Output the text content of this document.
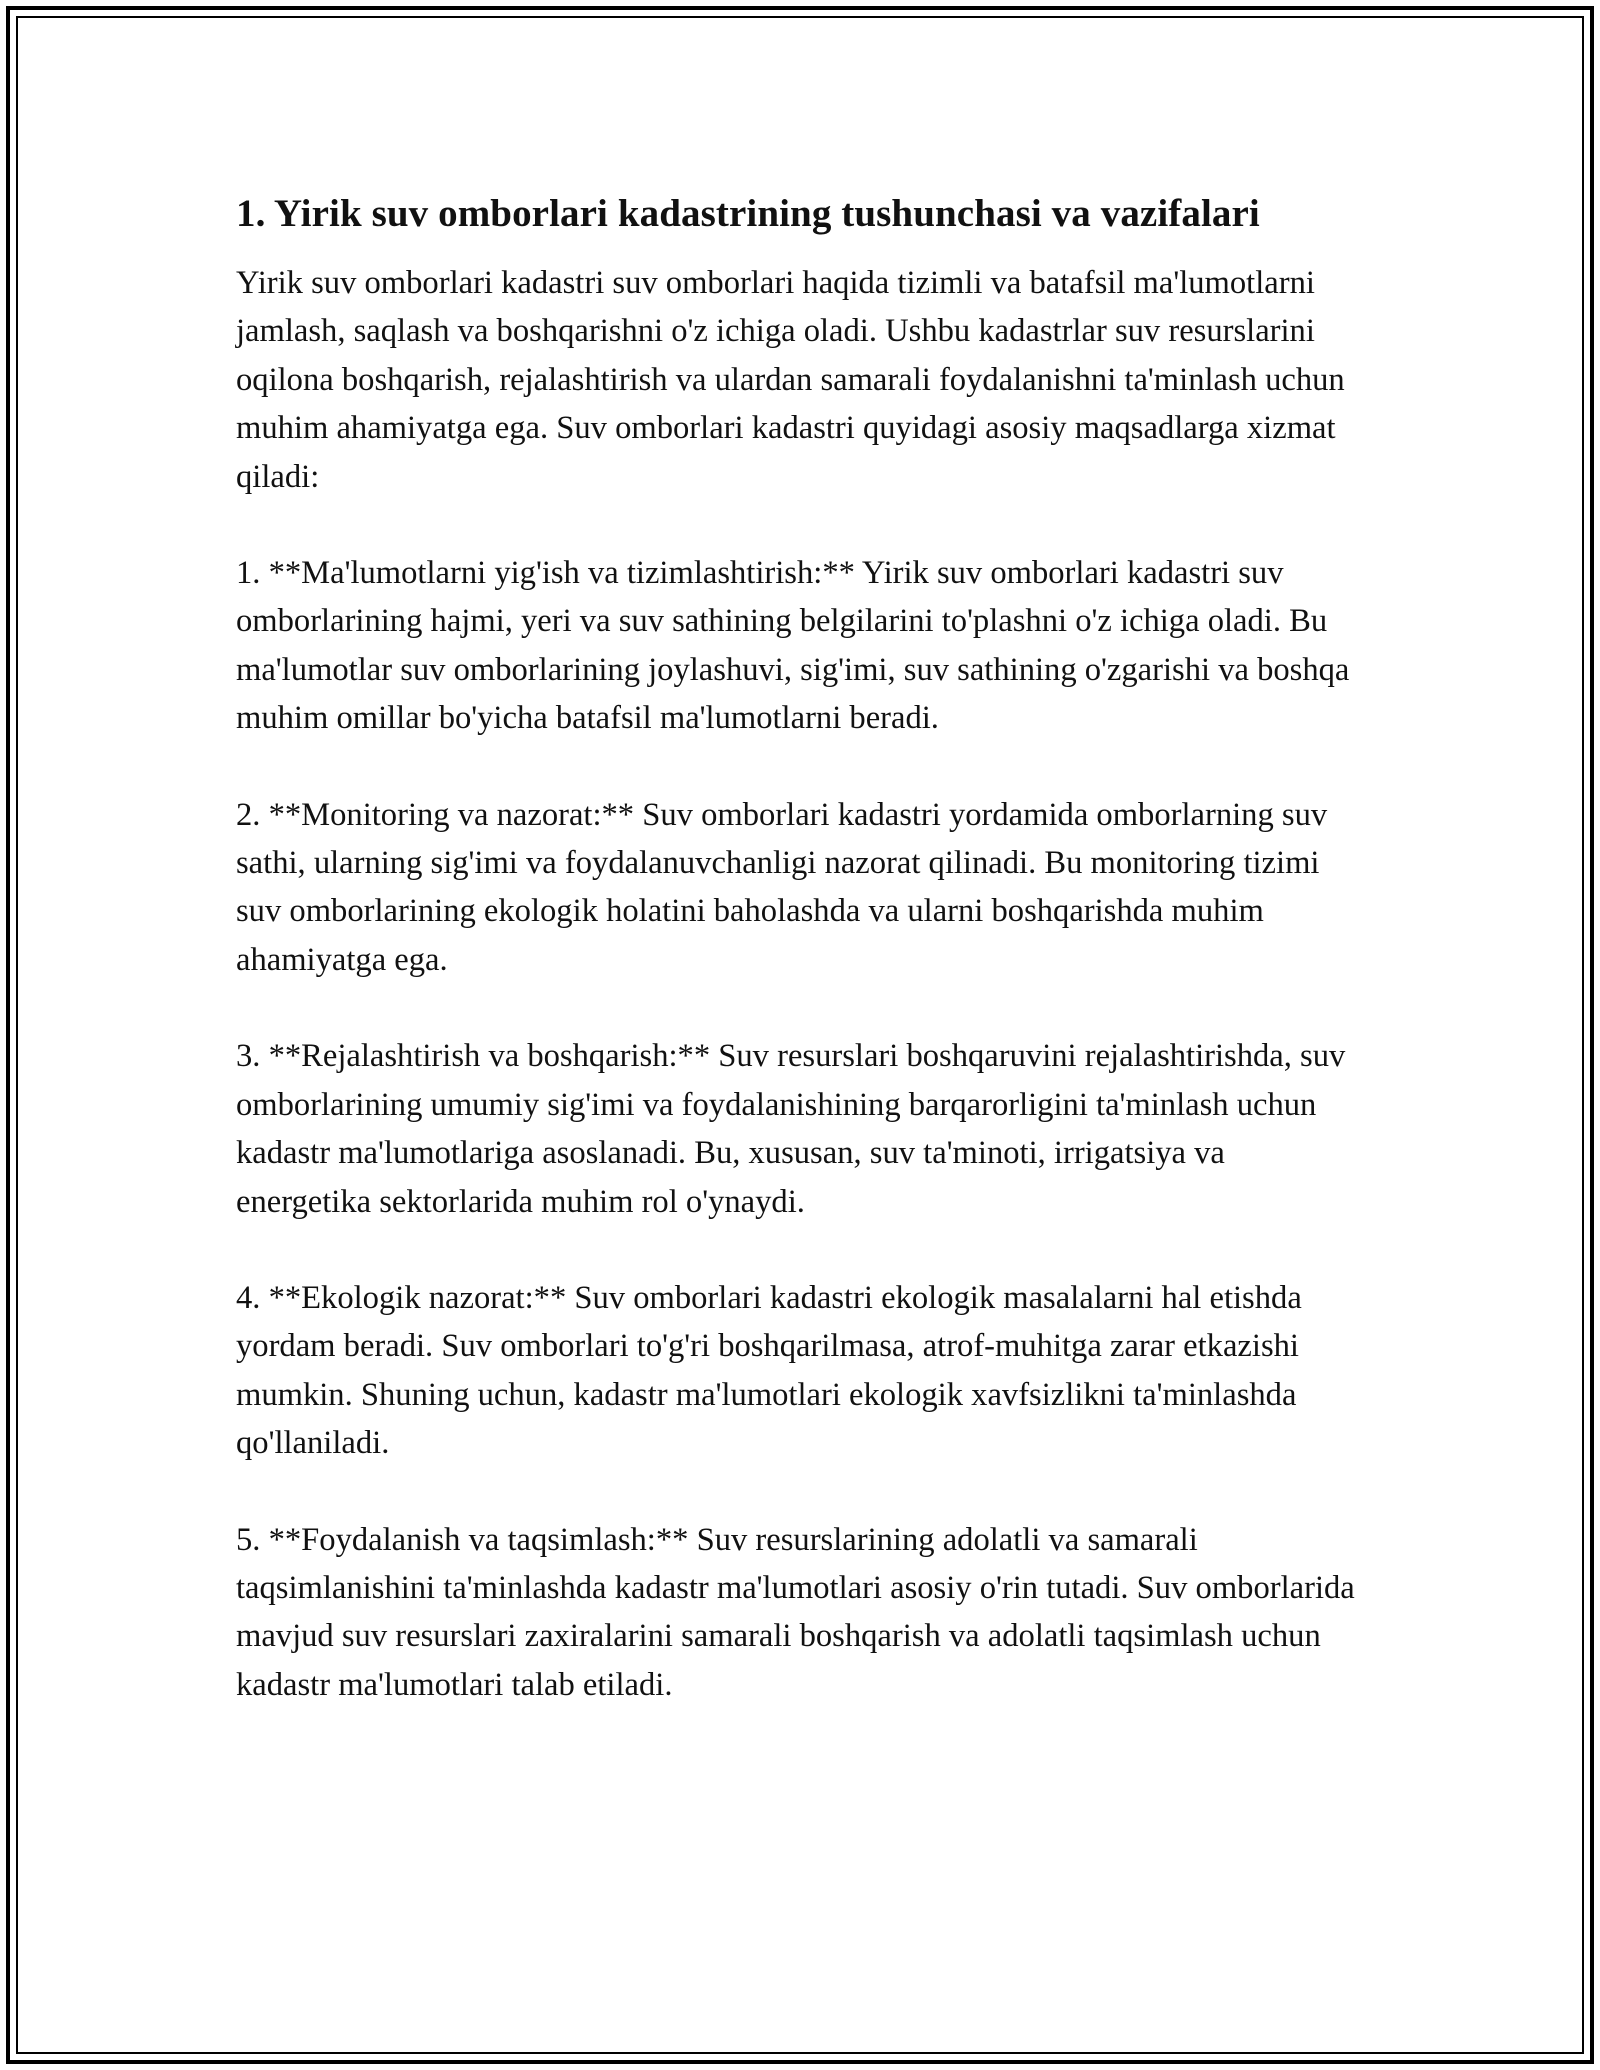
1. Yirik suv omborlari kadastrining tushunchasi va vazifalari

Yirik suv omborlari kadastri suv omborlari haqida tizimli va batafsil ma'lumotlarni jamlash, saqlash va boshqarishni o'z ichiga oladi. Ushbu kadastrlar suv resurslarini oqilona boshqarish, rejalashtirish va ulardan samarali foydalanishni ta'minlash uchun muhim ahamiyatga ega. Suv omborlari kadastri quyidagi asosiy maqsadlarga xizmat qiladi:

1. **Ma'lumotlarni yig'ish va tizimlashtirish:** Yirik suv omborlari kadastri suv omborlarining hajmi, yeri va suv sathining belgilarini to'plashni o'z ichiga oladi. Bu ma'lumotlar suv omborlarining joylashuvi, sig'imi, suv sathining o'zgarishi va boshqa muhim omillar bo'yicha batafsil ma'lumotlarni beradi.

2. **Monitoring va nazorat:** Suv omborlari kadastri yordamida omborlarning suv sathi, ularning sig'imi va foydalanuvchanligi nazorat qilinadi. Bu monitoring tizimi suv omborlarining ekologik holatini baholashda va ularni boshqarishda muhim ahamiyatga ega.

3. **Rejalashtirish va boshqarish:** Suv resurslari boshqaruvini rejalashtirishda, suv omborlarining umumiy sig'imi va foydalanishining barqarorligini ta'minlash uchun kadastr ma'lumotlariga asoslanadi. Bu, xususan, suv ta'minoti, irrigatsiya va energetika sektorlarida muhim rol o'ynaydi.

4. **Ekologik nazorat:** Suv omborlari kadastri ekologik masalalarni hal etishda yordam beradi. Suv omborlari to'g'ri boshqarilmasa, atrof-muhitga zarar etkazishi mumkin. Shuning uchun, kadastr ma'lumotlari ekologik xavfsizlikni ta'minlashda qo'llaniladi.

5. **Foydalanish va taqsimlash:** Suv resurslarining adolatli va samarali taqsimlanishini ta'minlashda kadastr ma'lumotlari asosiy o'rin tutadi. Suv omborlarida mavjud suv resurslari zaxiralarini samarali boshqarish va adolatli taqsimlash uchun kadastr ma'lumotlari talab etiladi.
